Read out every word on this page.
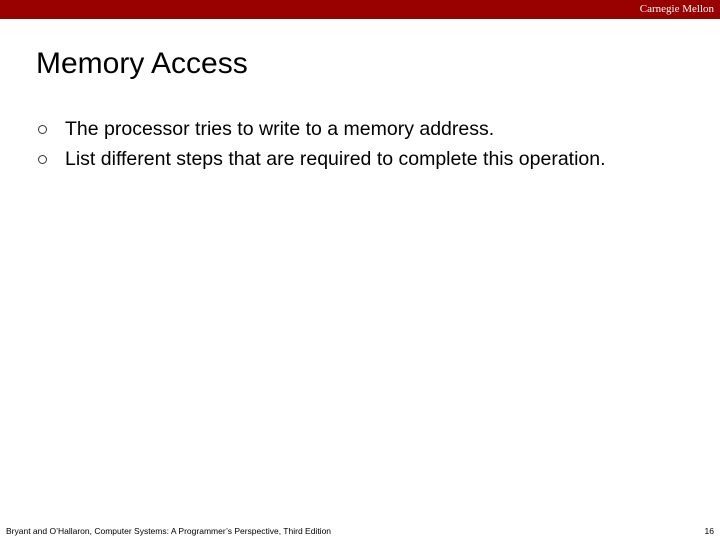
Carnegie Mellon
Memory Access
The processor tries to write to a memory address.
List different steps that are required to complete this operation.
Bryant and O’Hallaron, Computer Systems: A Programmer’s Perspective, Third Edition	16
